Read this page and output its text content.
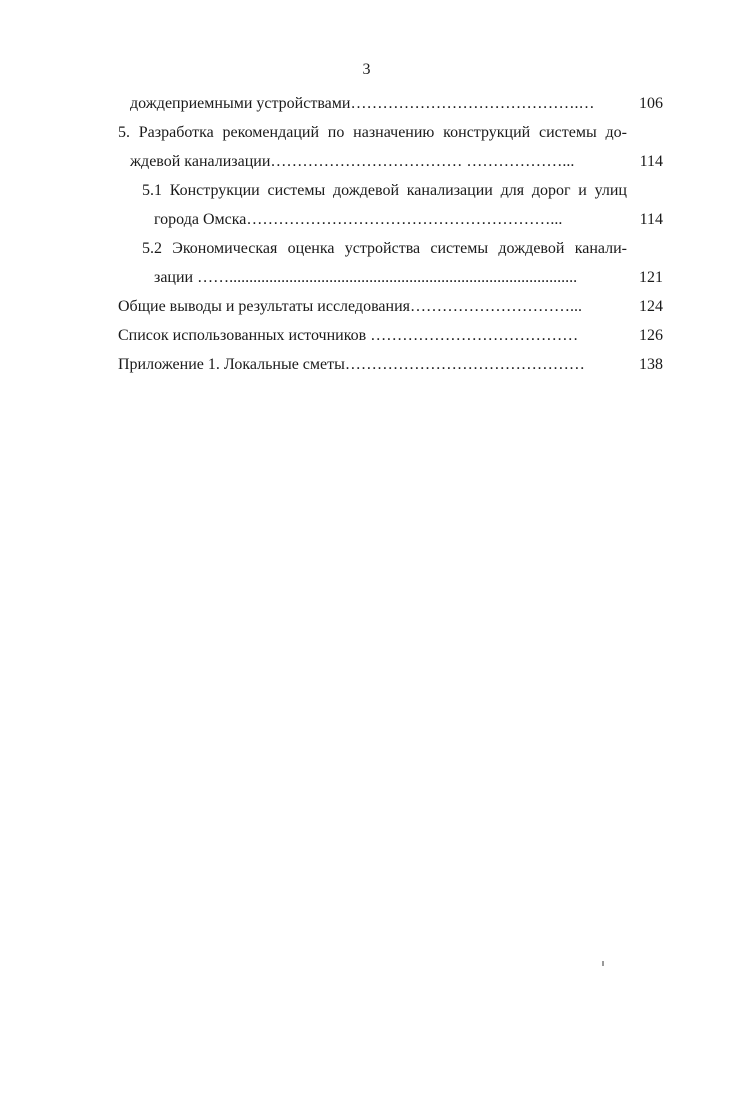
3
дождеприемными устройствами…………………………………….…	106
5. Разработка рекомендаций по назначению конструкций системы до-
ждевой канализации……………………………… ………………...	114
5.1 Конструкции системы дождевой канализации для дорог и улиц
города Омска…………………………………………………...	114
5.2 Экономическая оценка устройства системы дождевой канали-
зации …….......................................................................................	121
Общие выводы и результаты исследования…………………………...	124
Список использованных источников …………………………………	126
Приложение 1. Локальные сметы………………………………………	138
